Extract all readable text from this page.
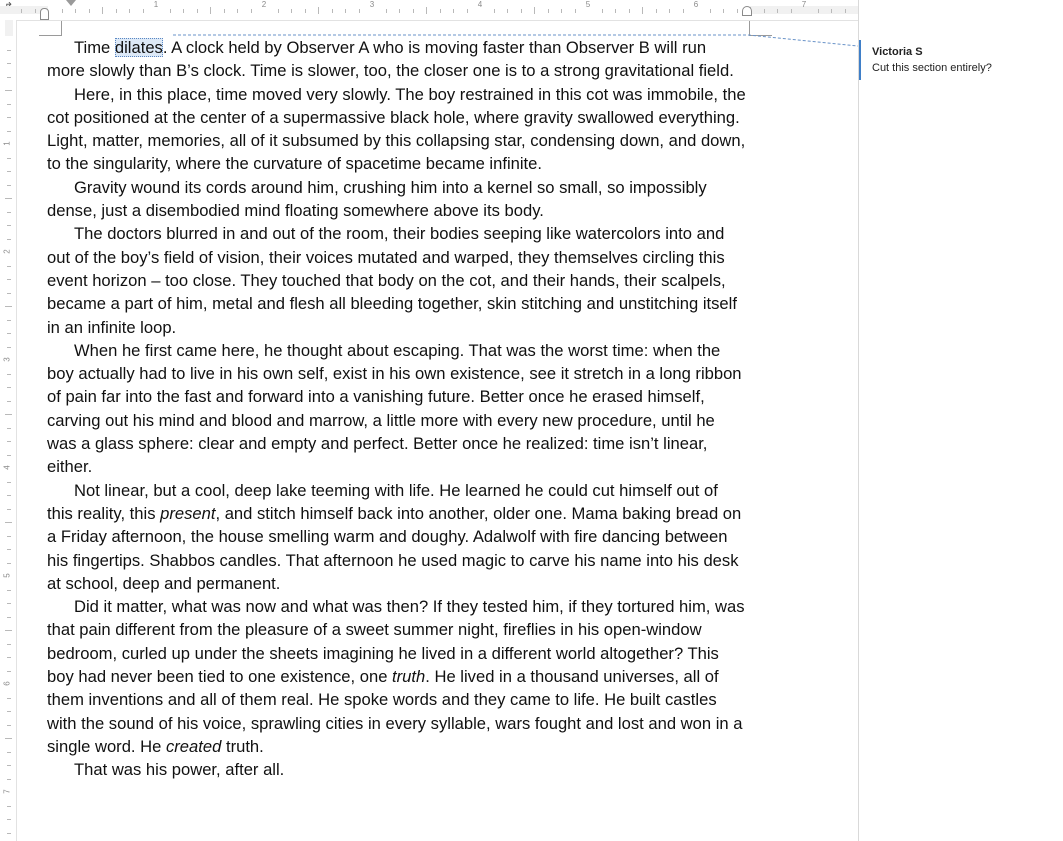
1	2	3	4	5	6	7
1
2
3
4
5
6
7

Time dilates. A clock held by Observer A who is moving faster than Observer B will run more slowly than B’s clock. Time is slower, too, the closer one is to a strong gravitational field.

Here, in this place, time moved very slowly. The boy restrained in this cot was immobile, the cot positioned at the center of a supermassive black hole, where gravity swallowed everything. Light, matter, memories, all of it subsumed by this collapsing star, condensing down, and down, to the singularity, where the curvature of spacetime became infinite.

Gravity wound its cords around him, crushing him into a kernel so small, so impossibly dense, just a disembodied mind floating somewhere above its body.

The doctors blurred in and out of the room, their bodies seeping like watercolors into and out of the boy’s field of vision, their voices mutated and warped, they themselves circling this event horizon – too close. They touched that body on the cot, and their hands, their scalpels, became a part of him, metal and flesh all bleeding together, skin stitching and unstitching itself in an infinite loop.

When he first came here, he thought about escaping. That was the worst time: when the boy actually had to live in his own self, exist in his own existence, see it stretch in a long ribbon of pain far into the fast and forward into a vanishing future. Better once he erased himself, carving out his mind and blood and marrow, a little more with every new procedure, until he was a glass sphere: clear and empty and perfect. Better once he realized: time isn’t linear, either.

Not linear, but a cool, deep lake teeming with life. He learned he could cut himself out of this reality, this present, and stitch himself back into another, older one. Mama baking bread on a Friday afternoon, the house smelling warm and doughy. Adalwolf with fire dancing between his fingertips. Shabbos candles. That afternoon he used magic to carve his name into his desk at school, deep and permanent.

Did it matter, what was now and what was then? If they tested him, if they tortured him, was that pain different from the pleasure of a sweet summer night, fireflies in his open-window bedroom, curled up under the sheets imagining he lived in a different world altogether? This boy had never been tied to one existence, one truth. He lived in a thousand universes, all of them inventions and all of them real. He spoke words and they came to life. He built castles with the sound of his voice, sprawling cities in every syllable, wars fought and lost and won in a single word. He created truth.

That was his power, after all.

Victoria S
Cut this section entirely?
